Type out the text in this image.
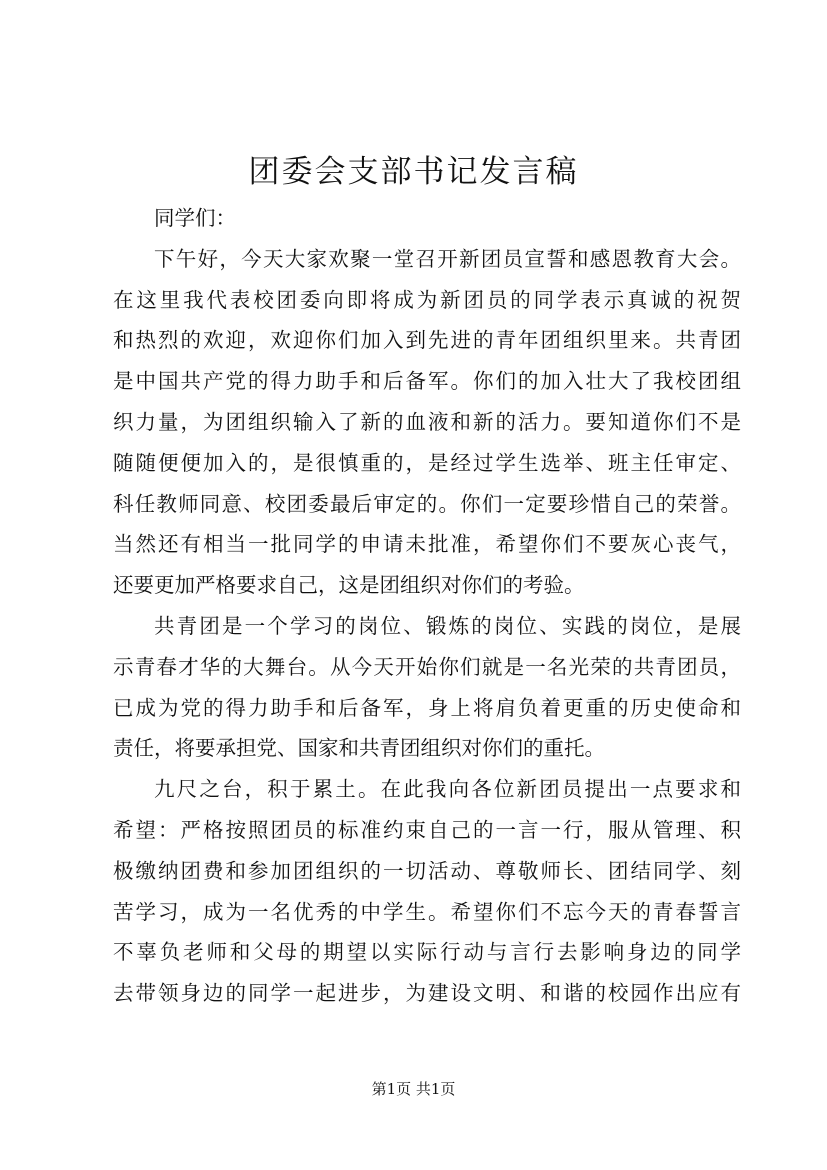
团委会支部书记发言稿
同学们：
下午好，今天大家欢聚一堂召开新团员宣誓和感恩教育大会。
在这里我代表校团委向即将成为新团员的同学表示真诚的祝贺
和热烈的欢迎，欢迎你们加入到先进的青年团组织里来。共青团
是中国共产党的得力助手和后备军。你们的加入壮大了我校团组
织力量，为团组织输入了新的血液和新的活力。要知道你们不是
随随便便加入的，是很慎重的，是经过学生选举、班主任审定、
科任教师同意、校团委最后审定的。你们一定要珍惜自己的荣誉。
当然还有相当一批同学的申请未批准，希望你们不要灰心丧气，
还要更加严格要求自己，这是团组织对你们的考验。
共青团是一个学习的岗位、锻炼的岗位、实践的岗位，是展
示青春才华的大舞台。从今天开始你们就是一名光荣的共青团员，
已成为党的得力助手和后备军，身上将肩负着更重的历史使命和
责任，将要承担党、国家和共青团组织对你们的重托。
九尺之台，积于累土。在此我向各位新团员提出一点要求和
希望：严格按照团员的标准约束自己的一言一行，服从管理、积
极缴纳团费和参加团组织的一切活动、尊敬师长、团结同学、刻
苦学习，成为一名优秀的中学生。希望你们不忘今天的青春誓言
不辜负老师和父母的期望以实际行动与言行去影响身边的同学
去带领身边的同学一起进步，为建设文明、和谐的校园作出应有
第1页 共1页
